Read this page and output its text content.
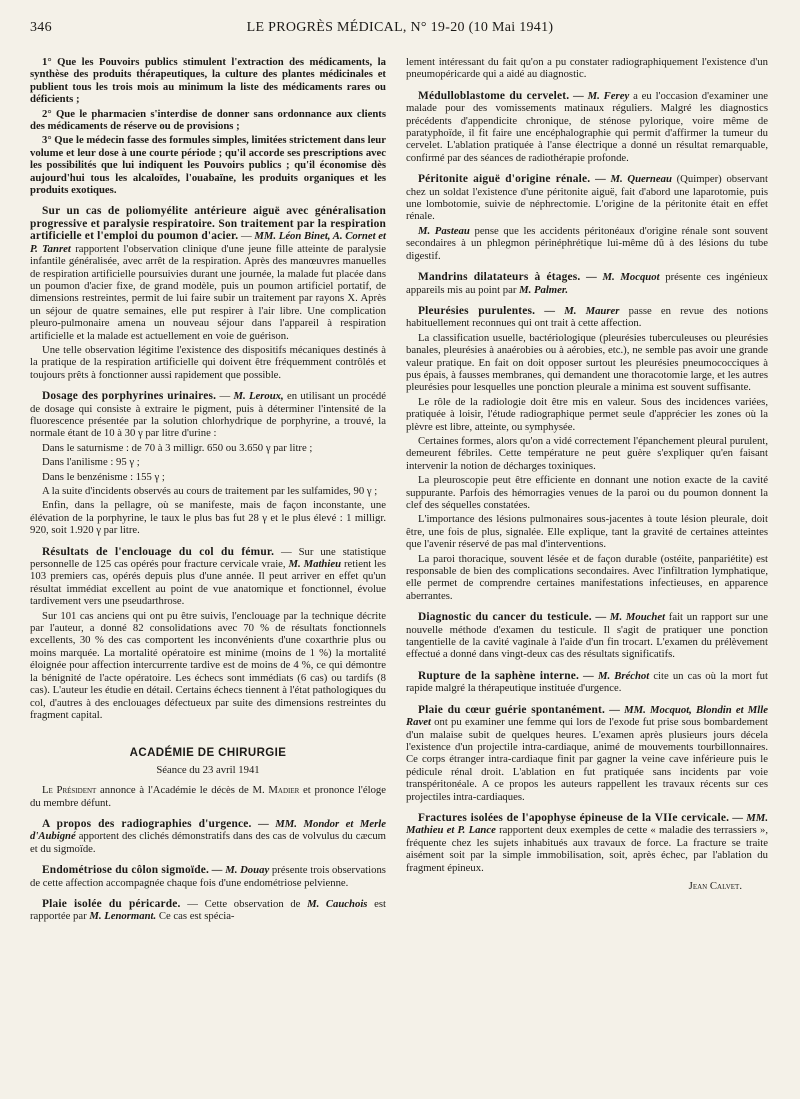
346	LE PROGRÈS MÉDICAL, N° 19-20 (10 Mai 1941)

1° Que les Pouvoirs publics stimulent l'extraction des médicaments, la synthèse des produits thérapeutiques, la culture des plantes médicinales et publient tous les trois mois au minimum la liste des médicaments rares ou déficients ;

2° Que le pharmacien s'interdise de donner sans ordonnance aux clients des médicaments de réserve ou de provisions ;

3° Que le médecin fasse des formules simples, limitées strictement dans leur volume et leur dose à une courte période ; qu'il accorde ses prescriptions avec les possibilités que lui indiquent les Pouvoirs publics ; qu'il économise dès aujourd'hui tous les alcaloïdes, l'ouabaïne, les produits organiques et les produits exotiques.

Sur un cas de poliomyélite antérieure aiguë avec généralisation progressive et paralysie respiratoire. Son traitement par la respiration artificielle et l'emploi du poumon d'acier. — MM. Léon Binet, A. Cornet et P. Tanret rapportent l'observation clinique d'une jeune fille atteinte de paralysie infantile généralisée, avec arrêt de la respiration. Après des manœuvres manuelles de respiration artificielle poursuivies durant une journée, la malade fut placée dans un poumon d'acier fixe, de grand modèle, puis un poumon artificiel portatif, de dimensions restreintes, permit de lui faire subir un traitement par rayons X. Après un séjour de quatre semaines, elle put respirer à l'air libre. Une complication pleuro-pulmonaire amena un nouveau séjour dans l'appareil à respiration artificielle et la malade est actuellement en voie de guérison.

Une telle observation légitime l'existence des dispositifs mécaniques destinés à la pratique de la respiration artificielle qui doivent être fréquemment contrôlés et toujours prêts à fonctionner aussi rapidement que possible.

Dosage des porphyrines urinaires. — M. Leroux, en utilisant un procédé de dosage qui consiste à extraire le pigment, puis à déterminer l'intensité de la fluorescence présentée par la solution chlorhydrique de porphyrine, a trouvé, la normale étant de 10 à 30 γ par litre d'urine :

Dans le saturnisme : de 70 à 3 milligr. 650 ou 3.650 γ par litre ;

Dans l'anilisme : 95 γ ;

Dans le benzénisme : 155 γ ;

A la suite d'incidents observés au cours de traitement par les sulfamides, 90 γ ;

Enfin, dans la pellagre, où se manifeste, mais de façon inconstante, une élévation de la porphyrine, le taux le plus bas fut 28 γ et le plus élevé : 1 milligr. 920, soit 1.920 γ par litre.

Résultats de l'enclouage du col du fémur. — Sur une statistique personnelle de 125 cas opérés pour fracture cervicale vraie, M. Mathieu retient les 103 premiers cas, opérés depuis plus d'une année. Il peut arriver en effet qu'un résultat immédiat excellent au point de vue anatomique et fonctionnel, évolue tardivement vers une pseudarthrose.

Sur 101 cas anciens qui ont pu être suivis, l'enclouage par la technique décrite par l'auteur, a donné 82 consolidations avec 70 % de résultats fonctionnels excellents, 30 % des cas comportent les inconvénients d'une coxarthrie plus ou moins marquée. La mortalité opératoire est minime (moins de 1 %) la mortalité éloignée pour affection intercurrente tardive est de moins de 4 %, ce qui démontre la bénignité de l'acte opératoire. Les échecs sont immédiats (6 cas) ou tardifs (8 cas). L'auteur les étudie en détail. Certains échecs tiennent à l'état pathologiques du col, d'autres à des enclouages défectueux par suite des dimensions restreintes du fragment capital.

ACADÉMIE DE CHIRURGIE

Séance du 23 avril 1941

Le Président annonce à l'Académie le décès de M. Madier et prononce l'éloge du membre défunt.

A propos des radiographies d'urgence. — MM. Mondor et Merle d'Aubigné apportent des clichés démonstratifs dans des cas de volvulus du cæcum et du sigmoïde.

Endométriose du côlon sigmoïde. — M. Douay présente trois observations de cette affection accompagnée chaque fois d'une endométriose pelvienne.

Plaie isolée du péricarde. — Cette observation de M. Cauchois est rapportée par M. Lenormant. Ce cas est spécia-

lement intéressant du fait qu'on a pu constater radiographiquement l'existence d'un pneumopéricarde qui a aidé au diagnostic.

Médulloblastome du cervelet. — M. Ferey a eu l'occasion d'examiner une malade pour des vomissements matinaux réguliers. Malgré les diagnostics précédents d'appendicite chronique, de sténose pylorique, voire même de paratyphoïde, il fit faire une encéphalographie qui permit d'affirmer la tumeur du cervelet. L'ablation pratiquée à l'anse électrique a donné un résultat remarquable, confirmé par des séances de radiothérapie profonde.

Péritonite aiguë d'origine rénale. — M. Querneau (Quimper) observant chez un soldat l'existence d'une péritonite aiguë, fait d'abord une laparotomie, puis une lombotomie, suivie de néphrectomie. L'origine de la péritonite était en effet rénale.

M. Pasteau pense que les accidents péritonéaux d'origine rénale sont souvent secondaires à un phlegmon périnéphrétique lui-même dû à des lésions du tube digestif.

Mandrins dilatateurs à étages. — M. Mocquot présente ces ingénieux appareils mis au point par M. Palmer.

Pleurésies purulentes. — M. Maurer passe en revue des notions habituellement reconnues qui ont trait à cette affection.

La classification usuelle, bactériologique (pleurésies tuberculeuses ou pleurésies banales, pleurésies à anaérobies ou à aérobies, etc.), ne semble pas avoir une grande valeur pratique. En fait on doit opposer surtout les pleurésies pneumococciques à pus épais, à fausses membranes, qui demandent une thoracotomie large, et les autres pleurésies pour lesquelles une ponction pleurale a minima est souvent suffisante.

Le rôle de la radiologie doit être mis en valeur. Sous des incidences variées, pratiquée à loisir, l'étude radiographique permet seule d'apprécier les zones où la plèvre est libre, atteinte, ou symphysée.

Certaines formes, alors qu'on a vidé correctement l'épanchement pleural purulent, demeurent fébriles. Cette température ne peut guère s'expliquer qu'en faisant intervenir la notion de décharges toxiniques.

La pleuroscopie peut être efficiente en donnant une notion exacte de la cavité suppurante. Parfois des hémorragies venues de la paroi ou du poumon donnent la clef des séquelles constatées.

L'importance des lésions pulmonaires sous-jacentes à toute lésion pleurale, doit être, une fois de plus, signalée. Elle explique, tant la gravité de certaines atteintes que l'avenir réservé de pas mal d'interventions.

La paroi thoracique, souvent lésée et de façon durable (ostéite, panpariétite) est responsable de bien des complications secondaires. Avec l'infiltration lymphatique, elle permet de comprendre certaines manifestations infectieuses, en apparence aberrantes.

Diagnostic du cancer du testicule. — M. Mouchet fait un rapport sur une nouvelle méthode d'examen du testicule. Il s'agit de pratiquer une ponction tangentielle de la cavité vaginale à l'aide d'un fin trocart. L'examen du prélèvement effectué a donné dans vingt-deux cas des résultats significatifs.

Rupture de la saphène interne. — M. Bréchot cite un cas où la mort fut rapide malgré la thérapeutique instituée d'urgence.

Plaie du cœur guérie spontanément. — MM. Mocquot, Blondin et Mlle Ravet ont pu examiner une femme qui lors de l'exode fut prise sous bombardement d'un malaise subit de quelques heures. L'examen après plusieurs jours décela l'existence d'un projectile intra-cardiaque, animé de mouvements tourbillonnaires. Ce corps étranger intra-cardiaque finit par gagner la veine cave inférieure puis le pédicule rénal droit. L'ablation en fut pratiquée sans incidents par voie transpéritonéale. A ce propos les auteurs rappellent les travaux récents sur ces projectiles intra-cardiaques.

Fractures isolées de l'apophyse épineuse de la VIIe cervicale. — MM. Mathieu et P. Lance rapportent deux exemples de cette « maladie des terrassiers », fréquente chez les sujets inhabitués aux travaux de force. La fracture se traite aisément soit par la simple immobilisation, soit, après échec, par l'ablation du fragment épineux.

Jean Calvet.
